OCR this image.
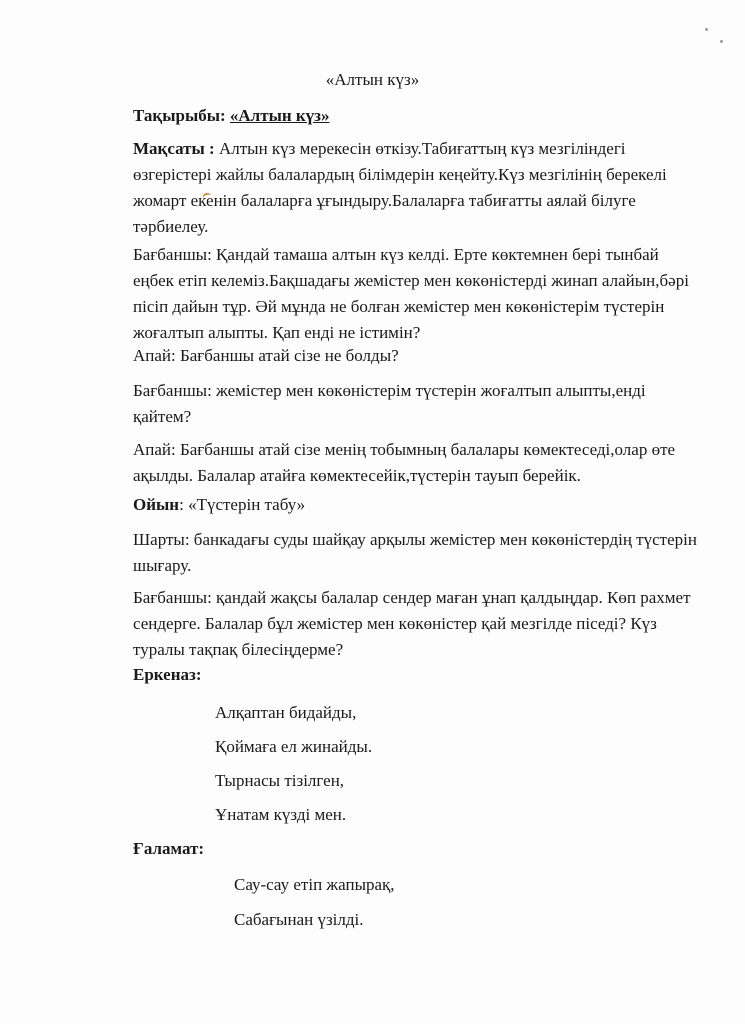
«Алтын күз»
Тақырыбы: «Алтын күз»
Мақсаты : Алтын күз мерекесін өткізу.Табиғаттың күз мезгіліндегі
өзгерістері жайлы балалардың білімдерін кеңейту.Күз мезгілінің берекелі
жомарт екенін балаларға ұғындыру.Балаларға табиғатты аялай білуге
тәрбиелеу.
Бағбаншы: Қандай тамаша алтын күз келді. Ерте көктемнен бері тынбай
еңбек етіп келеміз.Бақшадағы жемістер мен көкөністерді жинап алайын,бәрі
пісіп дайын тұр. Әй мұнда не болған жемістер мен көкөністерім түстерін
жоғалтып алыпты. Қап енді не істимін?
Апай: Бағбаншы атай сізе не болды?
Бағбаншы: жемістер мен көкөністерім түстерін жоғалтып алыпты,енді
қайтем?
Апай: Бағбаншы атай сізе менің тобымның балалары көмектеседі,олар өте
ақылды. Балалар атайға көмектесейік,түстерін тауып берейік.
Ойын: «Түстерін табу»
Шарты: банкадағы суды шайқау арқылы жемістер мен көкөністердің түстерін
шығару.
Бағбаншы: қандай жақсы балалар сендер маған ұнап қалдыңдар. Көп рахмет
сендерге. Балалар бұл жемістер мен көкөністер қай мезгілде піседі? Күз
туралы тақпақ білесіңдерме?
Еркеназ:
Алқаптан бидайды,
Қоймаға ел жинайды.
Тырнасы тізілген,
Ұнатам күзді мен.
Ғаламат:
Сау-сау етіп жапырақ,
Сабағынан үзілді.
